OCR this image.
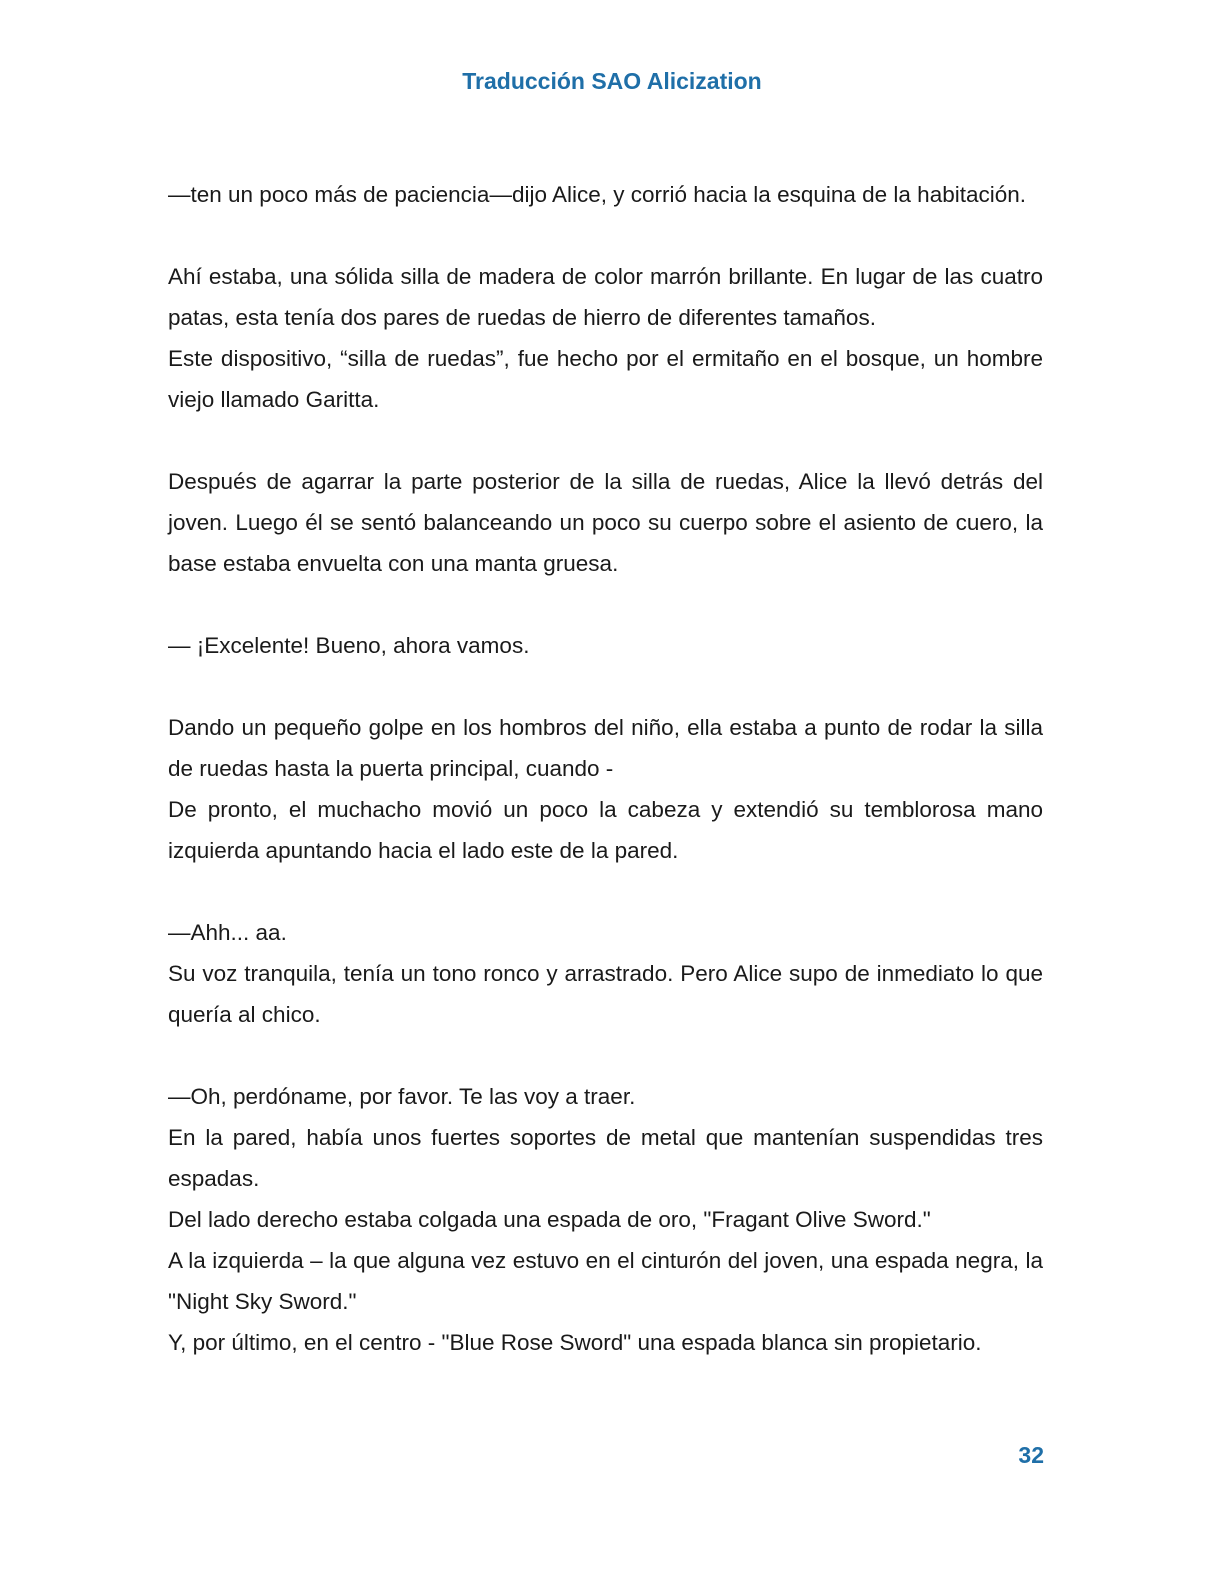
Traducción SAO Alicization

—ten un poco más de paciencia—dijo Alice, y corrió hacia la esquina de la habitación.

Ahí estaba, una sólida silla de madera de color marrón brillante. En lugar de las cuatro patas, esta tenía dos pares de ruedas de hierro de diferentes tamaños.

Este dispositivo, “silla de ruedas”, fue hecho por el ermitaño en el bosque, un hombre viejo llamado Garitta.

Después de agarrar la parte posterior de la silla de ruedas, Alice la llevó detrás del joven. Luego él se sentó balanceando un poco su cuerpo sobre el asiento de cuero, la base estaba envuelta con una manta gruesa.

— ¡Excelente! Bueno, ahora vamos.

Dando un pequeño golpe en los hombros del niño, ella estaba a punto de rodar la silla de ruedas hasta la puerta principal, cuando -

De pronto, el muchacho movió un poco la cabeza y extendió su temblorosa mano izquierda apuntando hacia el lado este de la pared.

—Ahh... aa.

Su voz tranquila, tenía un tono ronco y arrastrado. Pero Alice supo de inmediato lo que quería al chico.

—Oh, perdóname, por favor. Te las voy a traer.

En la pared, había unos fuertes soportes de metal que mantenían suspendidas tres espadas.

Del lado derecho estaba colgada una espada de oro, "Fragant Olive Sword."

A la izquierda – la que alguna vez estuvo en el cinturón del joven, una espada negra, la "Night Sky Sword."

Y, por último, en el centro - "Blue Rose Sword" una espada blanca sin propietario.

32
